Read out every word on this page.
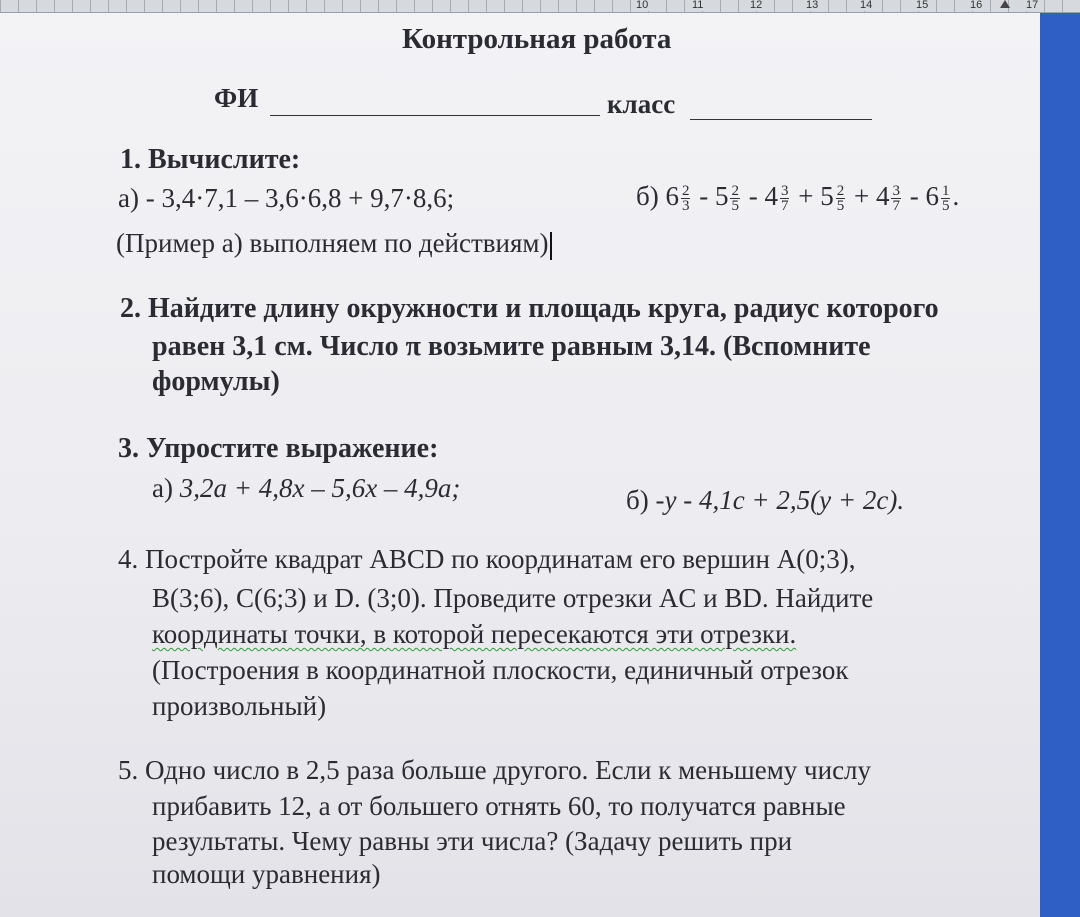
10	11	12	13	14	15	16	17
Контрольная работа
ФИ	класс
1. Вычислите:
а) - 3,4·7,1 – 3,6·6,8 + 9,7·8,6;	б) $6 \frac{2}{3} - 5 \frac{2}{5} - 4 \frac{3}{7} + 5 \frac{2}{5} + 4 \frac{3}{7} - 6 \frac{1}{5}$ .
(Пример а) выполняем по действиям)
2. Найдите длину окружности и площадь круга, радиус которого
равен 3,1 см. Число π возьмите равным 3,14. (Вспомните
формулы)
3. Упростите выражение:
а) 3,2a + 4,8x – 5,6x – 4,9a;	б) -y - 4,1c + 2,5(y + 2c).
4. Постройте квадрат ABCD по координатам его вершин A(0;3),
B(3;6), C(6;3) и D. (3;0). Проведите отрезки AC и BD. Найдите
координаты точки, в которой пересекаются эти отрезки.
(Построения в координатной плоскости, единичный отрезок
произвольный)
5. Одно число в 2,5 раза больше другого. Если к меньшему числу
прибавить 12, а от большего отнять 60, то получатся равные
результаты. Чему равны эти числа? (Задачу решить при
помощи уравнения)
